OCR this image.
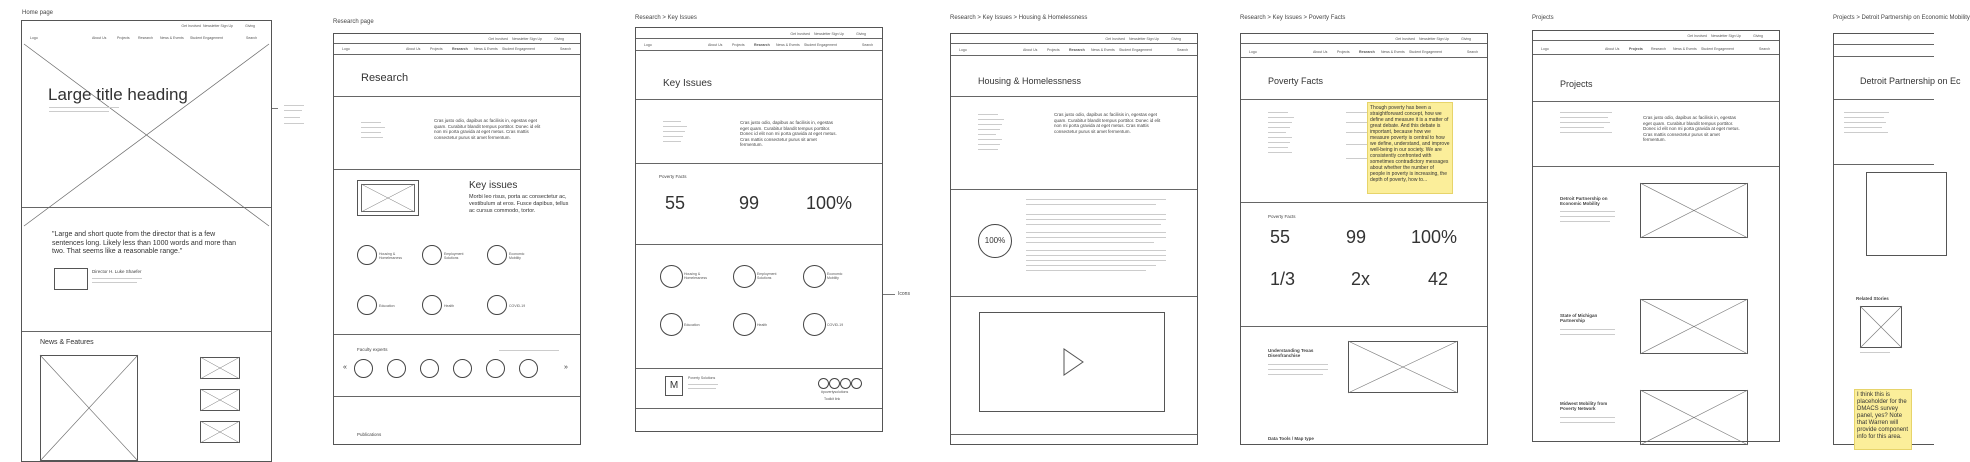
Home page
Research page
Research > Key Issues	Research > Key Issues > Housing & Homelessness	Research > Key Issues > Poverty Facts	Projects	Projects > Detroit Partnership on Economic Mobility
Get Involved Newsletter Sign Up	Giving
Logo	About Us	Projects Research News & Events Student Engagement	Search
Large title heading
"Large and short quote from the director that is a few sentences long. Likely less than 1000 words and more than two. That seems like a reasonable range."
Director H. Luke Shaefer
News & Features
Get Involved Newsletter Sign Up	Giving
Logo	About Us	Projects	Research News & Events Student Engagement	Search
Research
Cras justo odio, dapibus ac facilisis in, egestas eget quam. Curabitur blandit tempus porttitor. Donec id elit non mi porta gravida at eget metus. Cras mattis consectetur purus sit amet fermentum.
Key issues
Morbi leo risus, porta ac consectetur ac, vestibulum at eros. Fusce dapibus, tellus ac cursus commodo, tortor.
Housing & Homelessness
Employment Solutions
Economic Mobility
Education	Health	COVID-19
Faculty experts
«	»
Publications
Get Involved Newsletter Sign Up	Giving
Logo	About Us	Projects	Research News & Events Student Engagement	Search
Key Issues
Cras justo odio, dapibus ac facilisis in, egestas eget quam. Curabitur blandit tempus porttitor. Donec id elit non mi porta gravida at eget metus. Cras mattis consectetur purus sit amet fermentum.
Poverty Facts
55	99	100%
Housing & Homelessness
Employment Solutions
Economic Mobility
Education	Health	COVID-19
M
Poverty Solutions
#povertysolutions
Toolkit link
Icons
Get Involved Newsletter Sign Up	Giving
Logo	About Us	Projects	Research News & Events Student Engagement	Search
Housing & Homelessness
Cras justo odio, dapibus ac facilisis in, egestas eget quam. Curabitur blandit tempus porttitor. Donec id elit non mi porta gravida at eget metus. Cras mattis consectetur purus sit amet fermentum.
100%
Get Involved Newsletter Sign Up	Giving
Logo	About Us	Projects	Research News & Events Student Engagement	Search
Poverty Facts
Though poverty has been a straightforward concept, how we define and measure it is a matter of great debate. And this debate is important, because how we measure poverty is central to how we define, understand, and improve well-being in our society. We are consistently confronted with sometimes contradictory messages about whether the number of people in poverty is increasing, the depth of poverty, how to...
Poverty Facts
55	99 100%
1/3	2x	42
Understanding Texas Disenfranchise
Data Tools / Map type
Get Involved Newsletter Sign Up	Giving
Logo	About Us	Projects Research News & Events Student Engagement	Search
Projects
Cras justo odio, dapibus ac facilisis in, egestas eget quam. Curabitur blandit tempus porttitor. Donec id elit non mi porta gravida at eget metus. Cras mattis consectetur purus sit amet fermentum.
Detroit Partnership on Economic Mobility
State of Michigan Partnership
Midwest Mobility from Poverty Network
Detroit Partnership on Ec
Related Stories
I think this is placeholder for the DMACS survey panel, yes? Note that Warren will provide component info for this area.
